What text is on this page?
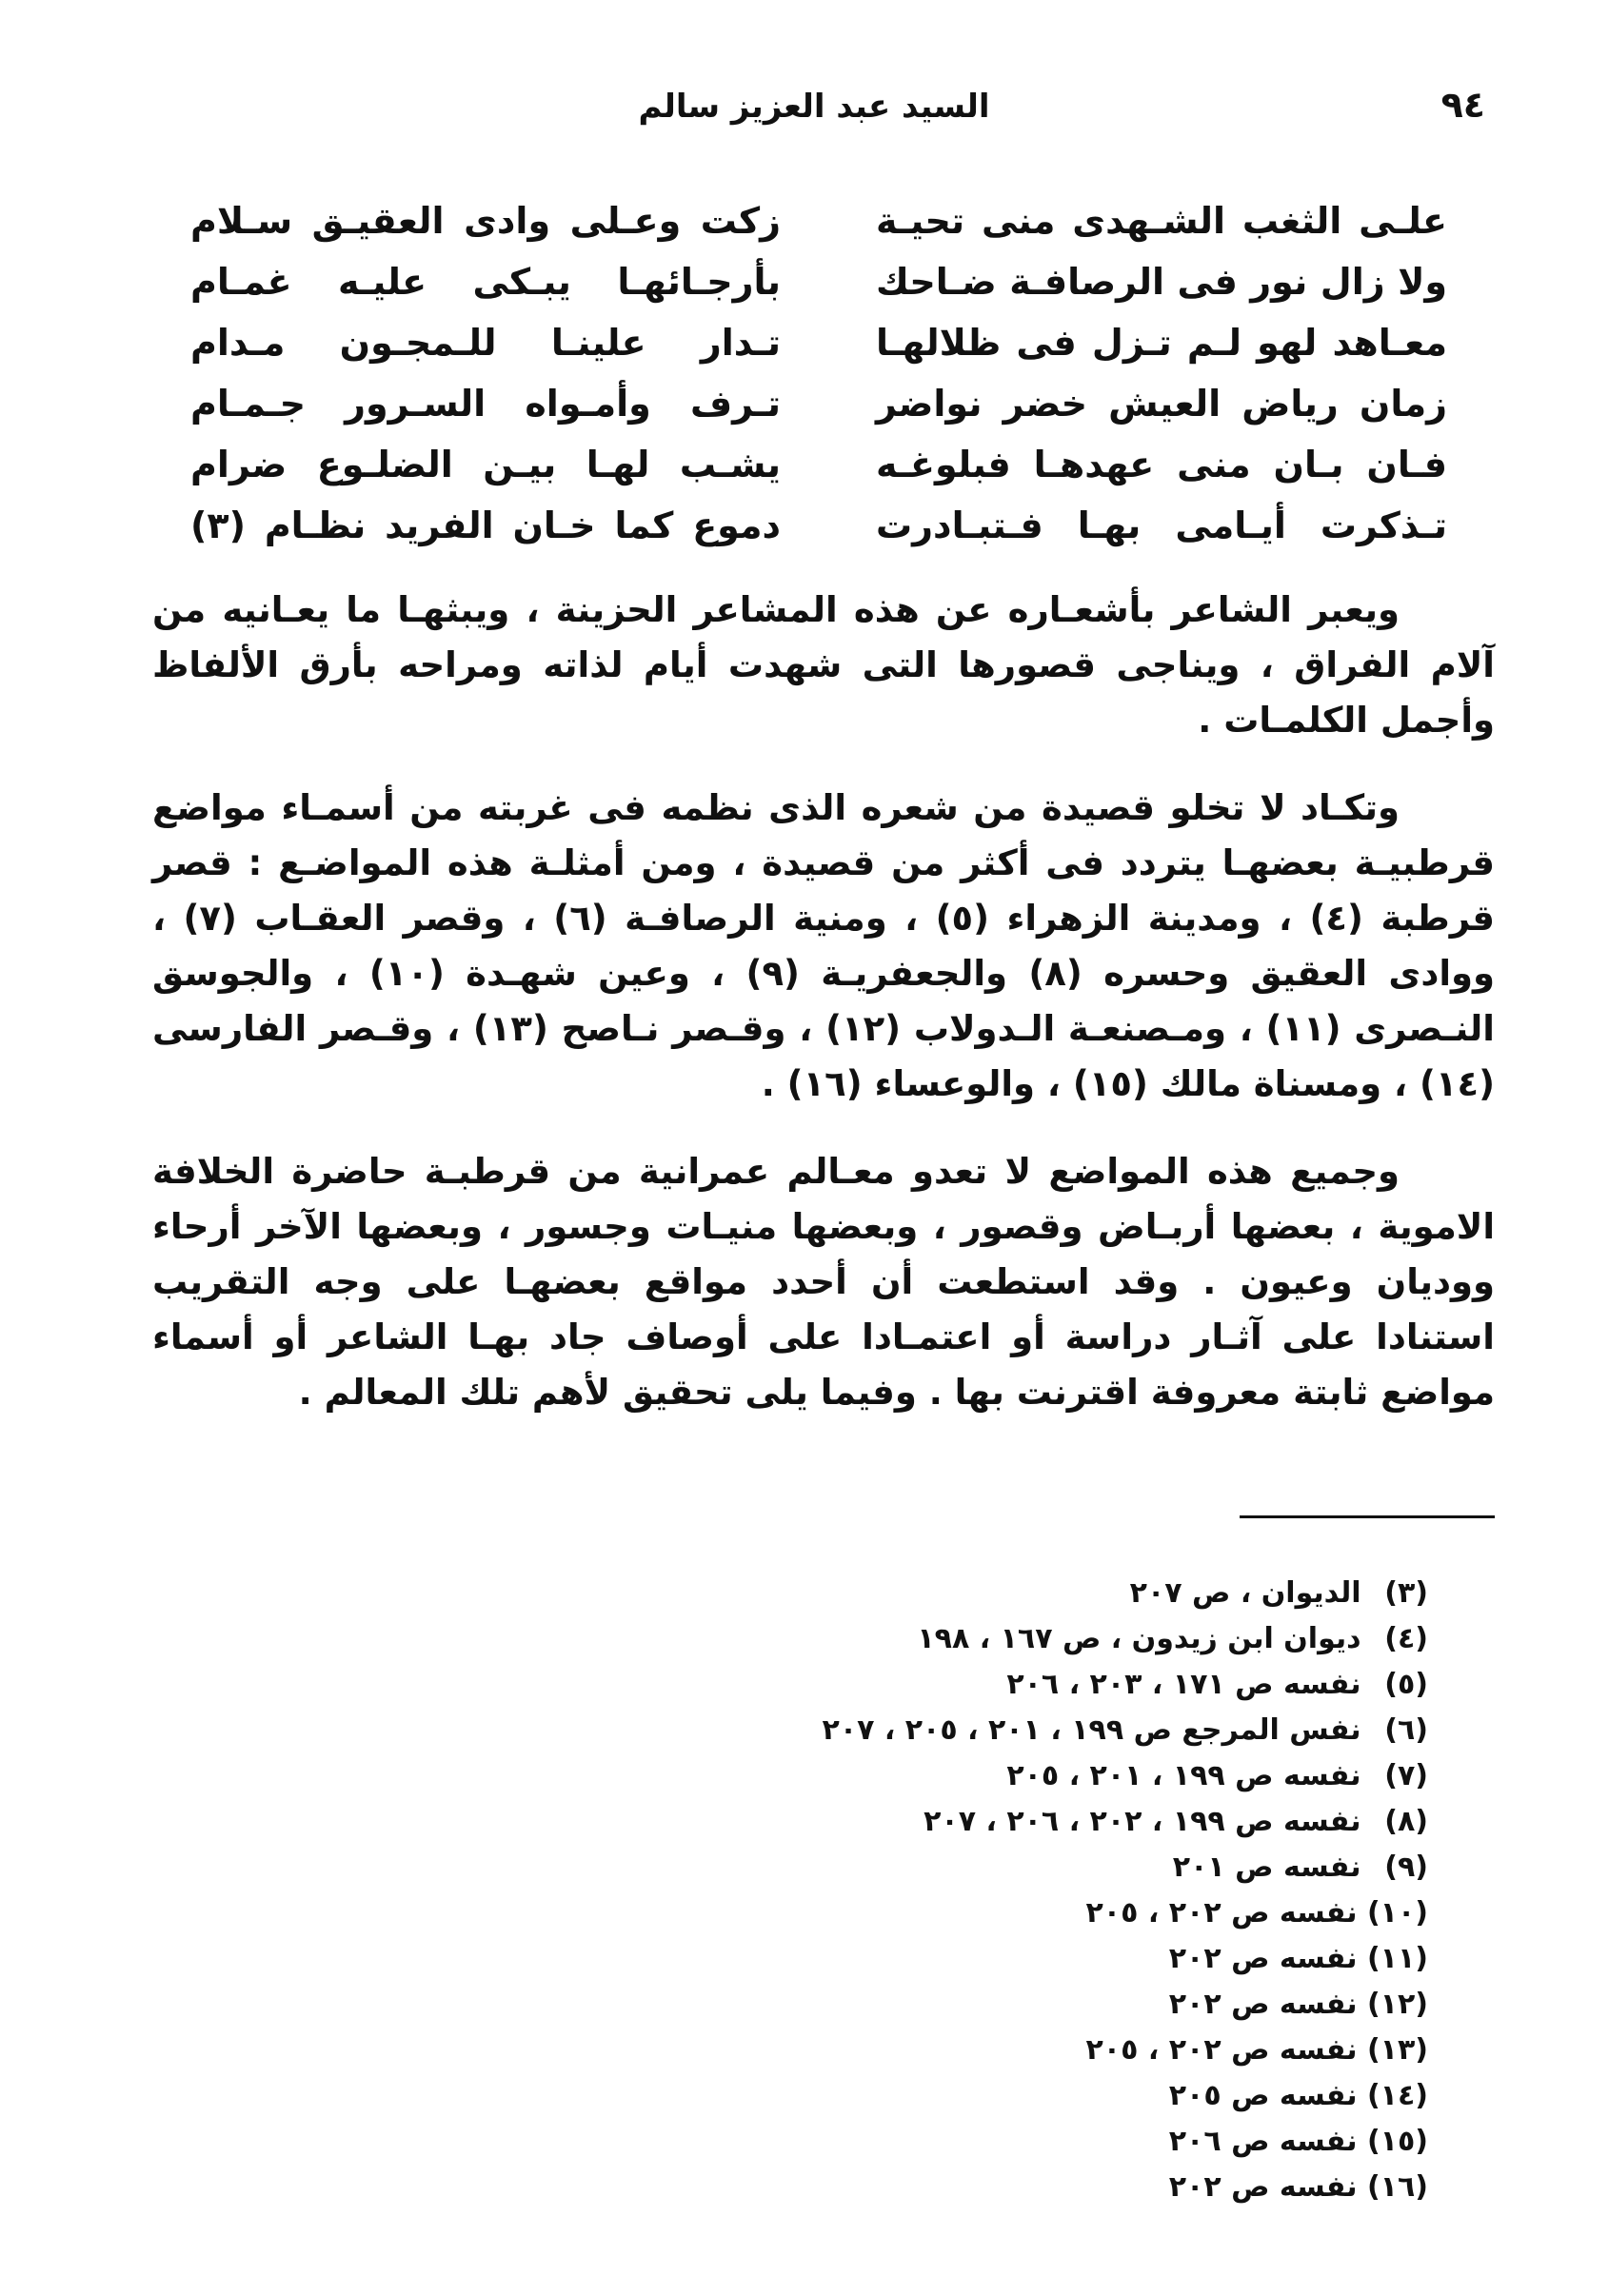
٩٤
السيد عبد العزيز سالم
علـى الثغب الشـهدى منى تحيـة
زكت وعـلى وادى العقيـق سـلام
ولا زال نور فى الرصافـة ضـاحك
بأرجـائهـا يبـكى عليـه غمـام
معـاهد لهو لـم تـزل فى ظلالهـا
تـدار علينـا للـمجـون مـدام
زمان رياض العيش خضر نواضر
تـرف وأمـواه السـرور جـمـام
فـان بـان منى عهدهـا فبلوغـه
يشـب لهـا بيـن الضلـوع ضرام
تـذكرت أيـامى بهـا فـتبـادرت
دموع كما خـان الفريد نظـام (٣)

ويعبر الشاعر بأشعـاره عن هذه المشاعر الحزينة ، ويبثهـا ما يعـانيه من آلام الفراق ، ويناجى قصورها التى شهدت أيام لذاته ومراحه بأرق الألفاظ وأجمل الكلمـات .

وتكـاد لا تخلو قصيدة من شعره الذى نظمه فى غربته من أسمـاء مواضع قرطبيـة بعضهـا يتردد فى أكثر من قصيدة ، ومن أمثلـة هذه المواضـع : قصر قرطبة (٤) ، ومدينة الزهراء (٥) ، ومنية الرصافـة (٦) ، وقصر العقـاب (٧) ، ووادى العقيق وحسره (٨) والجعفريـة (٩) ، وعين شهـدة (١٠) ، والجوسق النـصرى (١١) ، ومـصنعـة الـدولاب (١٢) ، وقـصر نـاصح (١٣) ، وقـصر الفارسى (١٤) ، ومسناة مالك (١٥) ، والوعساء (١٦) .

وجميع هذه المواضع لا تعدو معـالم عمرانية من قرطبـة حاضرة الخلافة الاموية ، بعضها أربـاض وقصور ، وبعضها منيـات وجسور ، وبعضها الآخر أرحاء ووديان وعيون . وقد استطعت أن أحدد مواقع بعضهـا على وجه التقريب استنادا على آثـار دراسة أو اعتمـادا على أوصاف جاد بهـا الشاعر أو أسماء مواضع ثابتة معروفة اقترنت بها . وفيما يلى تحقيق لأهم تلك المعالم .

(٣) الديوان ، ص ٢٠٧
(٤) ديوان ابن زيدون ، ص ١٦٧ ، ١٩٨
(٥) نفسه ص ١٧١ ، ٢٠٣ ، ٢٠٦
(٦) نفس المرجع ص ١٩٩ ، ٢٠١ ، ٢٠٥ ، ٢٠٧
(٧) نفسه ص ١٩٩ ، ٢٠١ ، ٢٠٥
(٨) نفسه ص ١٩٩ ، ٢٠٢ ، ٢٠٦ ، ٢٠٧
(٩) نفسه ص ٢٠١
(١٠) نفسه ص ٢٠٢ ، ٢٠٥
(١١) نفسه ص ٢٠٢
(١٢) نفسه ص ٢٠٢
(١٣) نفسه ص ٢٠٢ ، ٢٠٥
(١٤) نفسه ص ٢٠٥
(١٥) نفسه ص ٢٠٦
(١٦) نفسه ص ٢٠٢
